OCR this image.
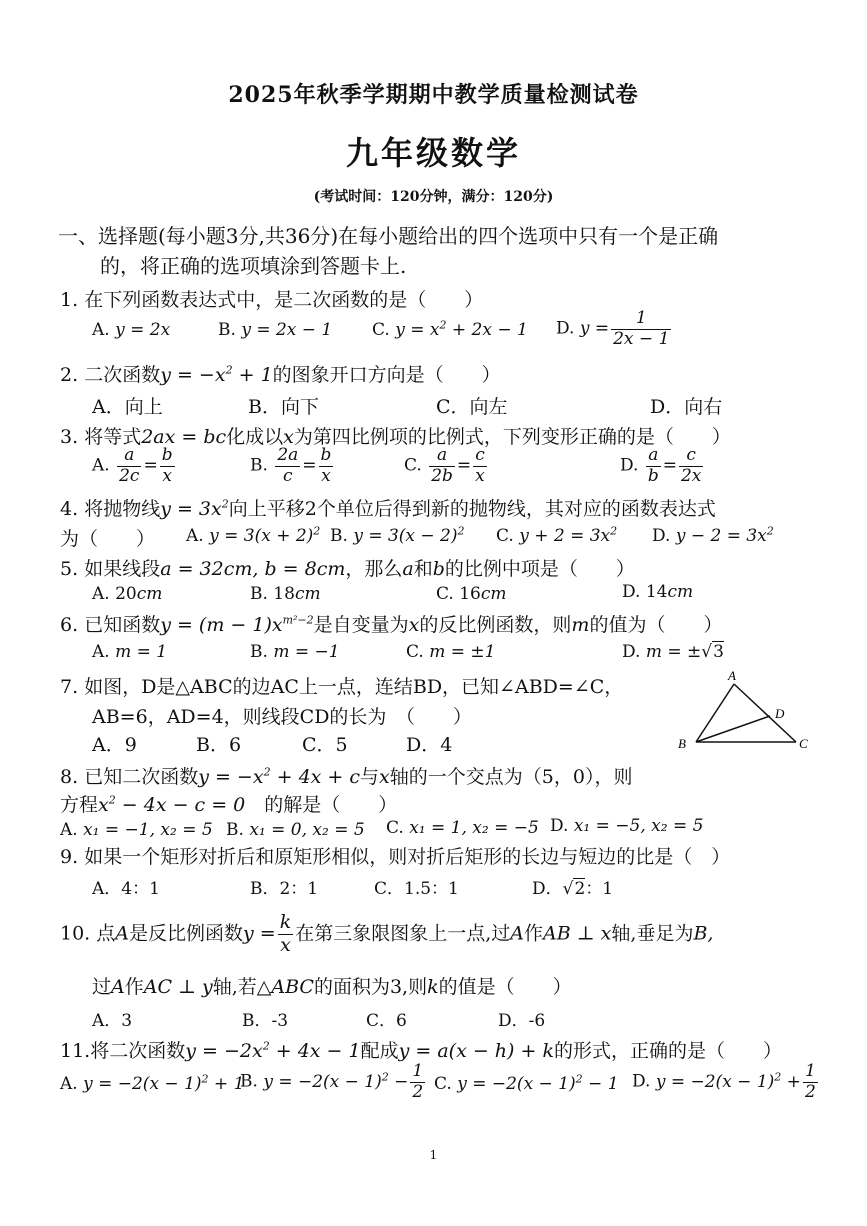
2025年秋季学期期中教学质量检测试卷
九年级数学
(考试时间：120分钟，满分：120分)
一、选择题(每小题3分,共36分)在每小题给出的四个选项中只有一个是正确
的，将正确的选项填涂到答题卡上.
1. 在下列函数表达式中，是二次函数的是（　　）
A. y = 2x	B. y = 2x − 1 C. $y = x^2 + 2x - 1$ D. $y = \frac{1}{2x - 1}$
2. 二次函数$y = -x^2 + 1$的图象开口方向是（　　）
A．向上	B．向下	C．向左	D．向右
3. 将等式2ax = bc化成以x为第四比例项的比例式，下列变形正确的是（　　）
A. $\frac{a}{2c} = \frac{b}{x}$	B. $\frac{2a}{c} = \frac{b}{x}$	C. $\frac{a}{2b} = \frac{c}{x}$	D. $\frac{a}{b} = \frac{c}{2x}$
4. 将抛物线$y = 3x^2$向上平移2个单位后得到新的抛物线，其对应的函数表达式
为（　　） A. $y = 3(x + 2)^2$ B. $y = 3(x - 2)^2$ C. $y + 2 = 3x^2$ D. $y - 2 = 3x^2$
5. 如果线段a = 32cm, b = 8cm，那么a和b的比例中项是（　　）
A. 20cm	B. 18cm	C. 16cm	D. 14cm
6. 已知函数$y = (m - 1)x^{m^2-2}$是自变量为x的反比例函数，则m的值为（　　）
A. m = 1	B. m = −1	C. m = ±1	D. m = ±√3
7. 如图，D是△ABC的边AC上一点，连结BD，已知∠ABD=∠C，
AB=6，AD=4，则线段CD的长为　（　　）
A．9	B．6	C．5	D．4
A
B	C
D
8. 已知二次函数$y = -x^2 + 4x + c$与x轴的一个交点为（5，0），则
方程$x^2 - 4x - c = 0$　 的解是（　　）
A. x₁ = −1, x₂ = 5 B. x₁ = 0, x₂ = 5 C. x₁ = 1, x₂ = −5 D. x₁ = −5, x₂ = 5
9. 如果一个矩形对折后和原矩形相似，则对折后矩形的长边与短边的比是（　）
A．4：1	B．2：1	C．1.5：1	D．√2：1
10. 点A是反比例函数$y = \frac{k}{x}$ 在第三象限图象上一点,过A作AB ⊥ x轴,垂足为B,
过A作AC ⊥ y轴,若△ABC的面积为3,则k的值是（　　）
A．3	B．-3	C．6	D．-6
11.将二次函数$y = -2x^2 + 4x - 1$配成y = a(x − h) + k的形式，正确的是（　　）
A. $y = -2(x - 1)^2 + 1$
B. $y = -2(x - 1)^2 - \frac{1}{2} C$. $y = -2(x - 1)^2 - 1$ D. $y = -2(x - 1)^2 + \frac{1}{2}$
1
